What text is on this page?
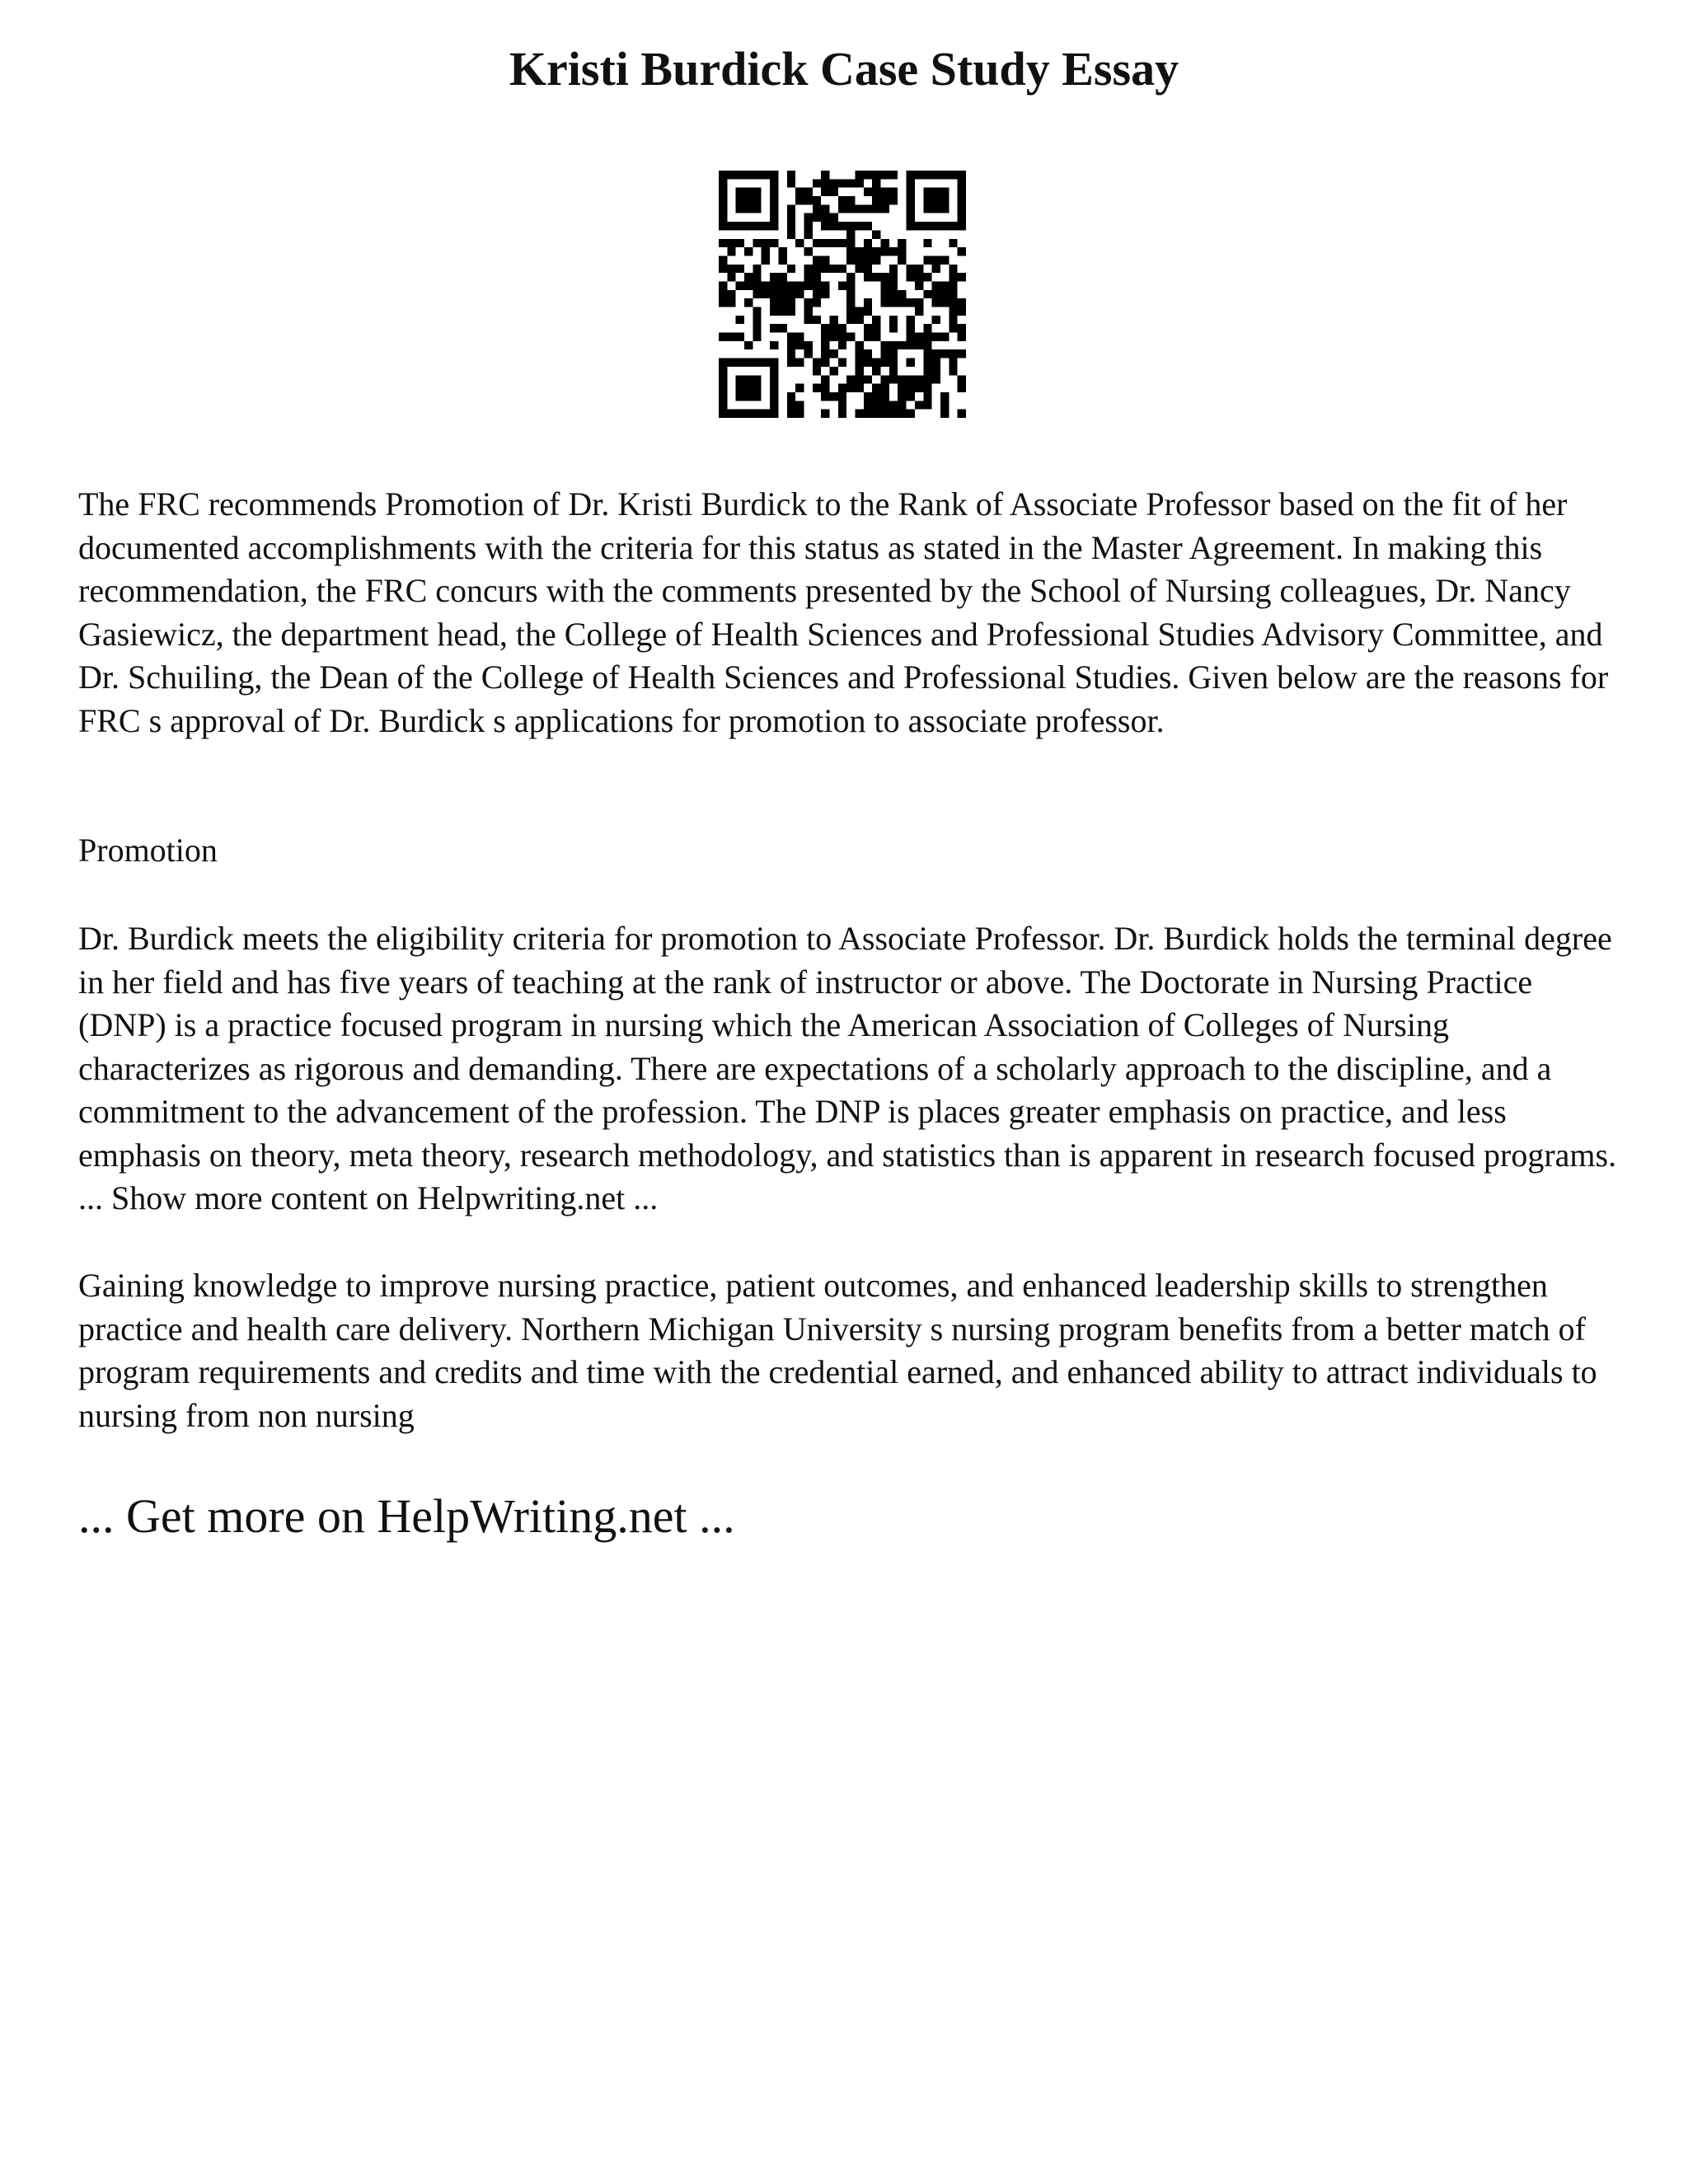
Kristi Burdick Case Study Essay

The FRC recommends Promotion of Dr. Kristi Burdick to the Rank of Associate Professor based on the fit of her documented accomplishments with the criteria for this status as stated in the Master Agreement. In making this recommendation, the FRC concurs with the comments presented by the School of Nursing colleagues, Dr. Nancy Gasiewicz, the department head, the College of Health Sciences and Professional Studies Advisory Committee, and Dr. Schuiling, the Dean of the College of Health Sciences and Professional Studies. Given below are the reasons for FRC s approval of Dr. Burdick s applications for promotion to associate professor.

Promotion

Dr. Burdick meets the eligibility criteria for promotion to Associate Professor. Dr. Burdick holds the terminal degree in her field and has five years of teaching at the rank of instructor or above. The Doctorate in Nursing Practice (DNP) is a practice focused program in nursing which the American Association of Colleges of Nursing characterizes as rigorous and demanding. There are expectations of a scholarly approach to the discipline, and a commitment to the advancement of the profession. The DNP is places greater emphasis on practice, and less emphasis on theory, meta theory, research methodology, and statistics than is apparent in research focused programs. ... Show more content on Helpwriting.net ...

Gaining knowledge to improve nursing practice, patient outcomes, and enhanced leadership skills to strengthen practice and health care delivery. Northern Michigan University s nursing program benefits from a better match of program requirements and credits and time with the credential earned, and enhanced ability to attract individuals to nursing from non nursing

... Get more on HelpWriting.net ...
